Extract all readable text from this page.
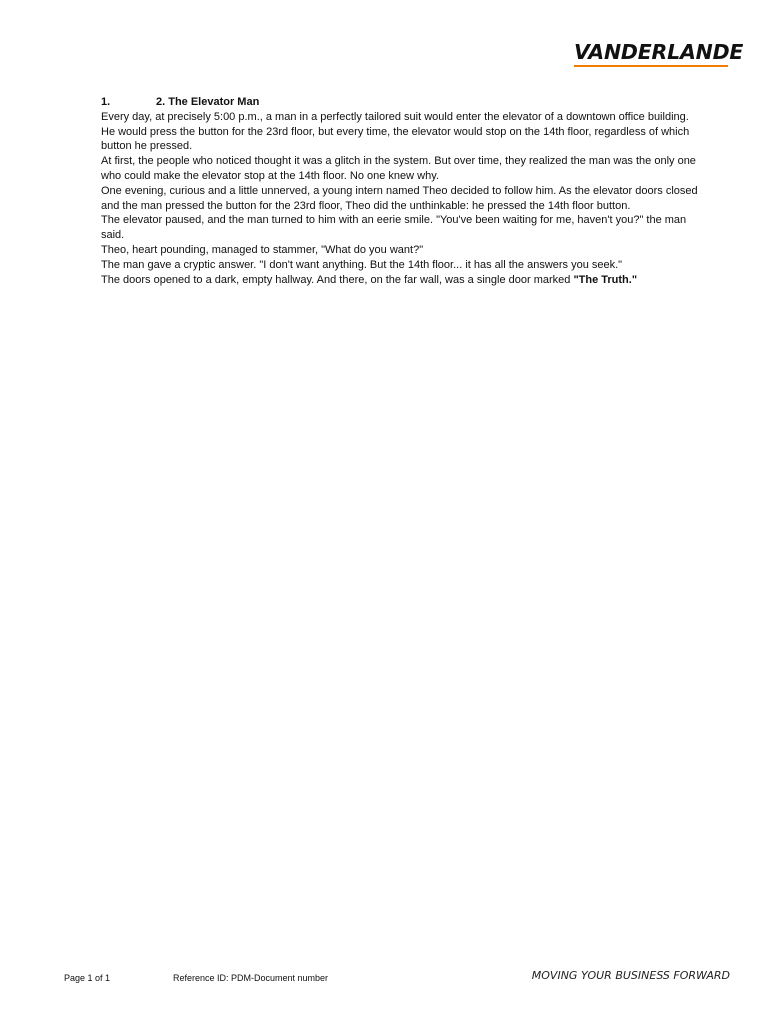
VANDERLANDE

1.	2. The Elevator Man

Every day, at precisely 5:00 p.m., a man in a perfectly tailored suit would enter the elevator of a downtown office building. He would press the button for the 23rd floor, but every time, the elevator would stop on the 14th floor, regardless of which button he pressed.

At first, the people who noticed thought it was a glitch in the system. But over time, they realized the man was the only one who could make the elevator stop at the 14th floor. No one knew why.

One evening, curious and a little unnerved, a young intern named Theo decided to follow him. As the elevator doors closed and the man pressed the button for the 23rd floor, Theo did the unthinkable: he pressed the 14th floor button.

The elevator paused, and the man turned to him with an eerie smile. "You've been waiting for me, haven't you?" the man said.

Theo, heart pounding, managed to stammer, "What do you want?"

The man gave a cryptic answer. "I don't want anything. But the 14th floor... it has all the answers you seek."

The doors opened to a dark, empty hallway. And there, on the far wall, was a single door marked "The Truth."

Page 1 of 1	Reference ID: PDM-Document number	MOVING YOUR BUSINESS FORWARD
